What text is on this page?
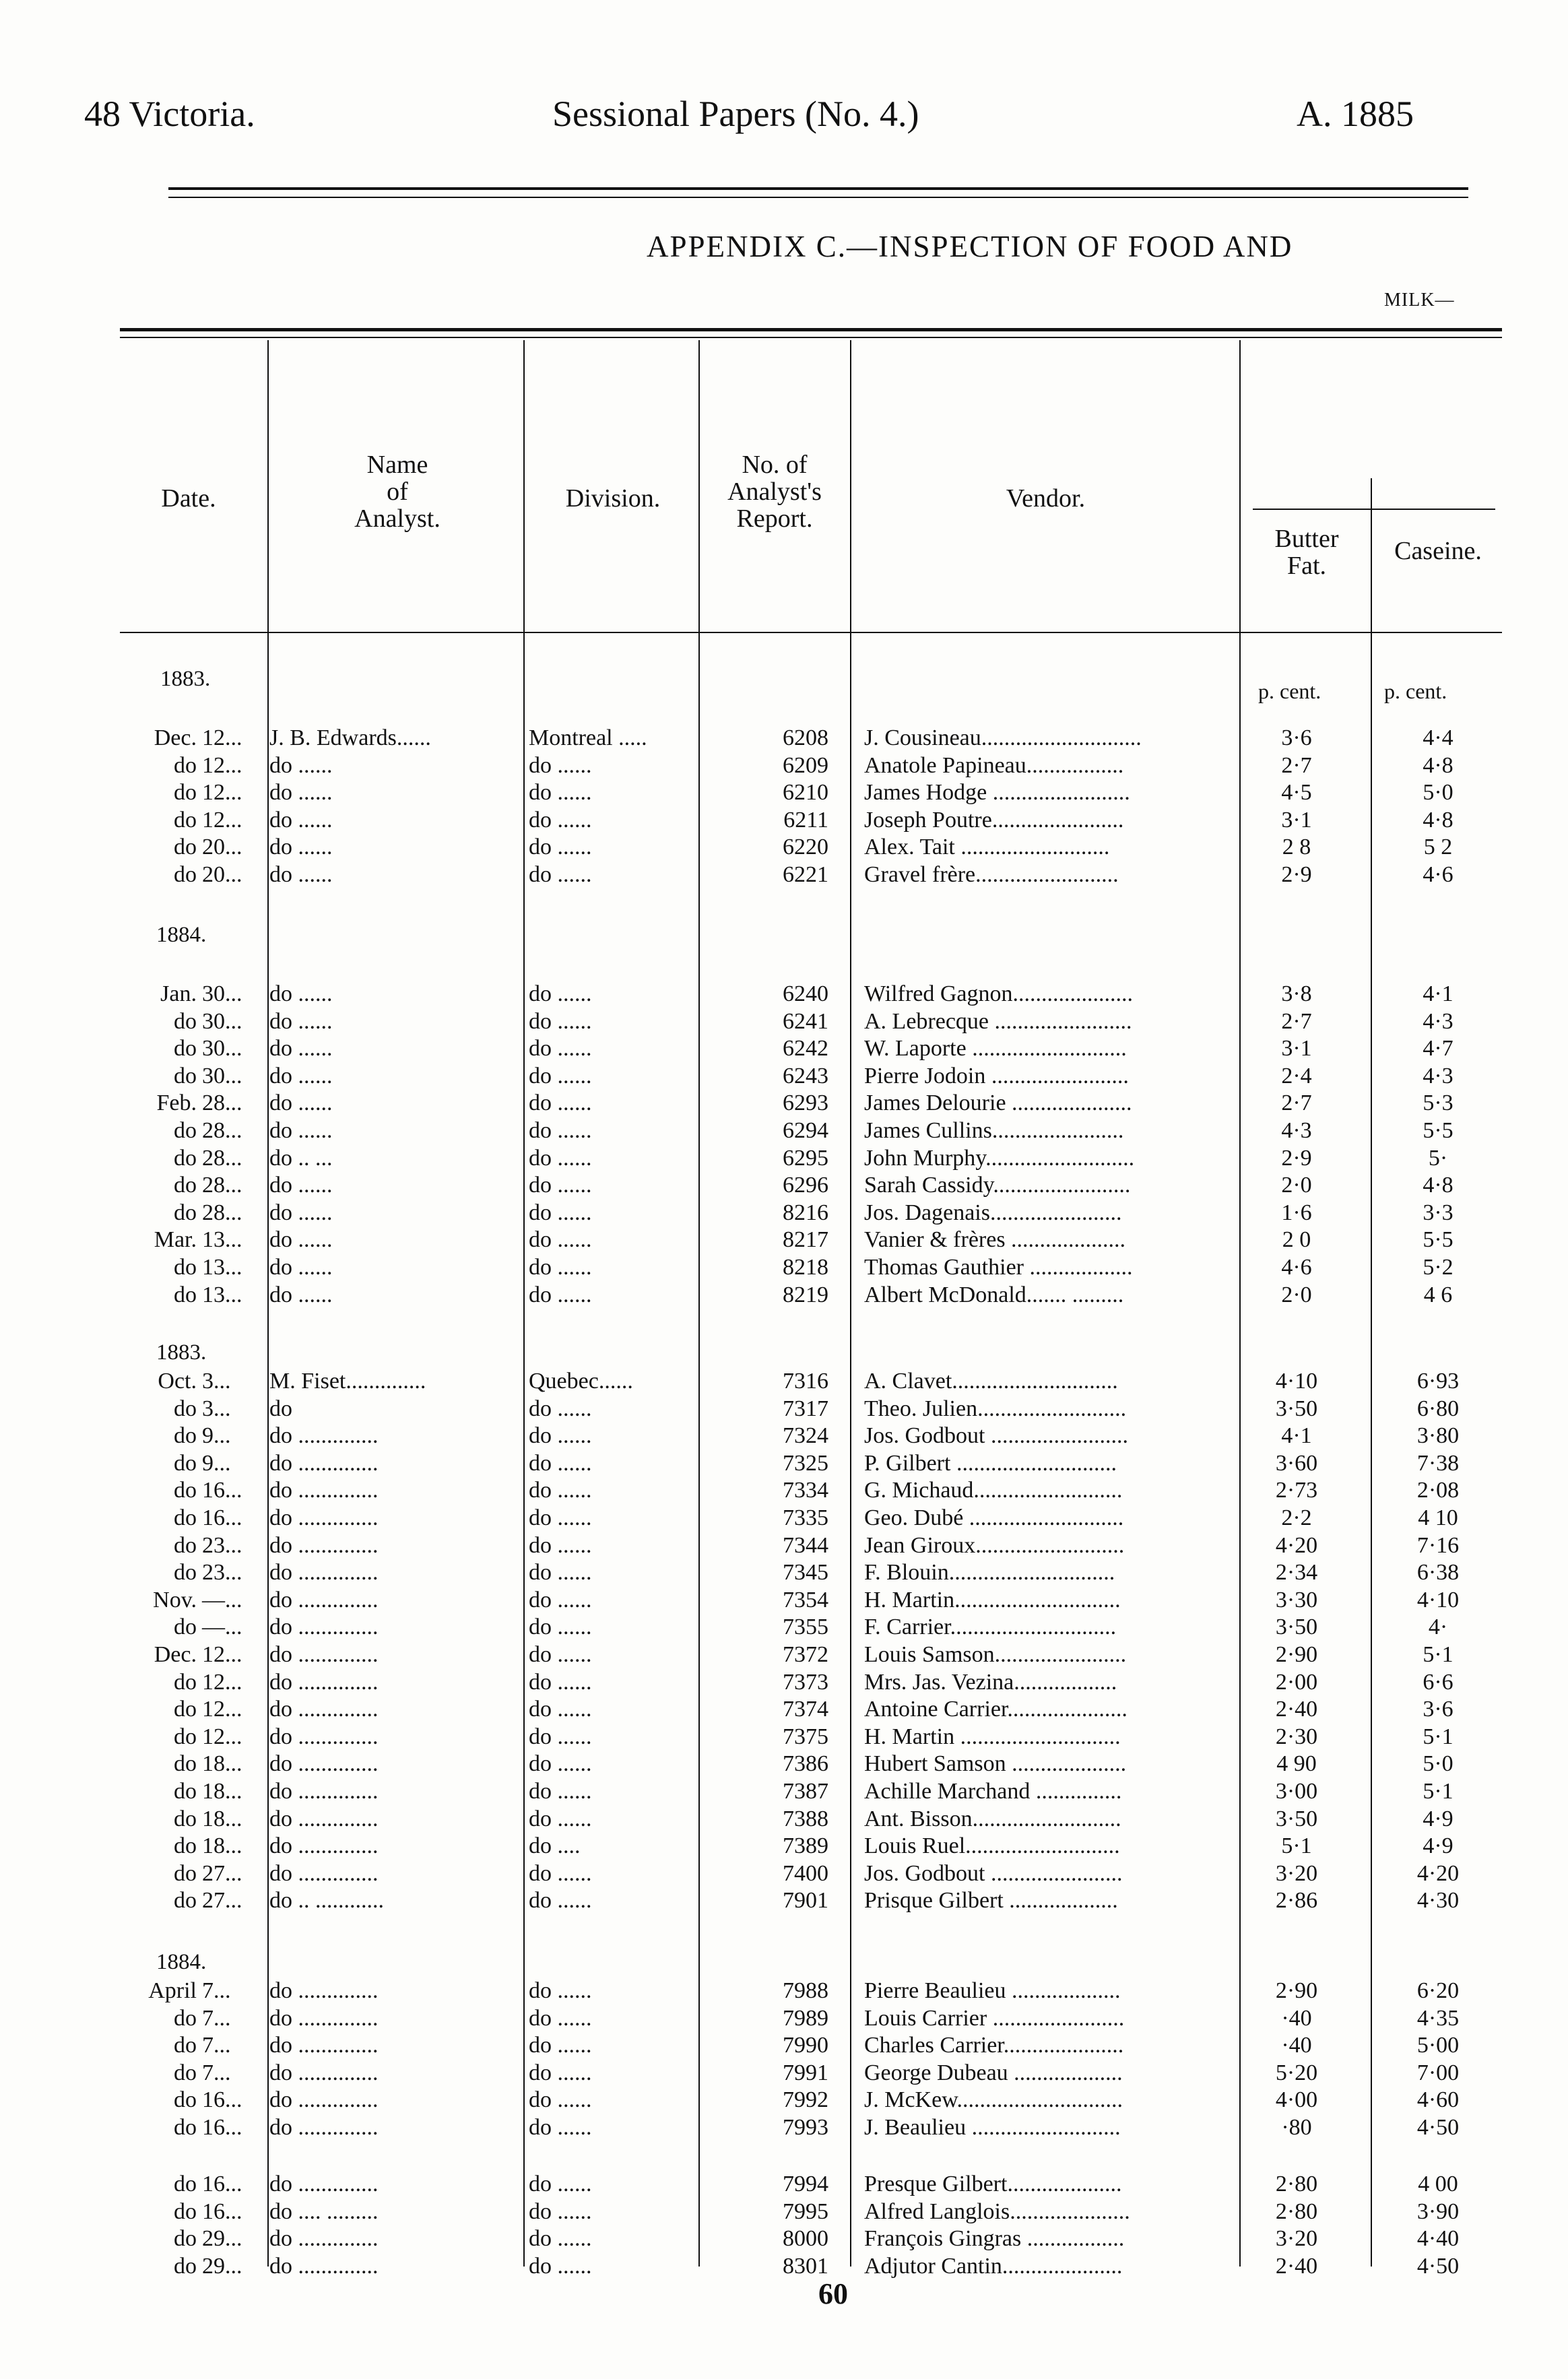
48 Victoria.	Sessional Papers (No. 4.)	A. 1885
APPENDIX C.—INSPECTION OF FOOD AND
MILK—
Date.
Name
of
Analyst.
Division.
No. of
Analyst's
Report.
Vendor.
Butter
Fat.
Caseine.
p. cent.	p. cent.
1883.
1884.
1883.
1884.
Dec. 12...	J. B. Edwards......	Montreal .....	6208 J. Cousineau............................	3·6	4·4
do 12...	do ......	do ......	6209 Anatole Papineau.................	2·7	4·8
do 12...	do ......	do ......	6210 James Hodge ........................	4·5	5·0
do 12...	do ......	do ......	6211 Joseph Poutre.......................	3·1	4·8
do 20...	do ......	do ......	6220 Alex. Tait ..........................	2 8	5 2
do 20...	do ......	do ......	6221 Gravel frère.........................	2·9	4·6
Jan. 30...	do ......	do ......	6240 Wilfred Gagnon.....................	3·8	4·1
do 30...	do ......	do ......	6241 A. Lebrecque ........................	2·7	4·3
do 30...	do ......	do ......	6242 W. Laporte ...........................	3·1	4·7
do 30...	do ......	do ......	6243 Pierre Jodoin ........................	2·4	4·3
Feb. 28...	do ......	do ......	6293 James Delourie .....................	2·7	5·3
do 28...	do ......	do ......	6294 James Cullins.......................	4·3	5·5
do 28...	do .. ...	do ......	6295 John Murphy..........................	2·9	5·
do 28...	do ......	do ......	6296 Sarah Cassidy........................	2·0	4·8
do 28...	do ......	do ......	8216 Jos. Dagenais.......................	1·6	3·3
Mar. 13...	do ......	do ......	8217 Vanier & frères ....................	2 0	5·5
do 13...	do ......	do ......	8218 Thomas Gauthier ..................	4·6	5·2
do 13...	do ......	do ......	8219 Albert McDonald....... .........	2·0	4 6
Oct. 3...	M. Fiset..............	Quebec......	7316 A. Clavet.............................	4·10	6·93
do 3...	do	do ......	7317 Theo. Julien..........................	3·50	6·80
do 9...	do ..............	do ......	7324 Jos. Godbout ........................	4·1	3·80
do 9...	do ..............	do ......	7325 P. Gilbert ............................	3·60	7·38
do 16...	do ..............	do ......	7334 G. Michaud..........................	2·73	2·08
do 16...	do ..............	do ......	7335 Geo. Dubé ...........................	2·2	4 10
do 23...	do ..............	do ......	7344 Jean Giroux..........................	4·20	7·16
do 23...	do ..............	do ......	7345 F. Blouin.............................	2·34	6·38
Nov. —...	do ..............	do ......	7354 H. Martin.............................	3·30	4·10
do —...	do ..............	do ......	7355 F. Carrier.............................	3·50	4·
Dec. 12...	do ..............	do ......	7372 Louis Samson.......................	2·90	5·1
do 12...	do ..............	do ......	7373 Mrs. Jas. Vezina..................	2·00	6·6
do 12...	do ..............	do ......	7374 Antoine Carrier.....................	2·40	3·6
do 12...	do ..............	do ......	7375 H. Martin ............................	2·30	5·1
do 18...	do ..............	do ......	7386 Hubert Samson ....................	4 90	5·0
do 18...	do ..............	do ......	7387 Achille Marchand ...............	3·00	5·1
do 18...	do ..............	do ......	7388 Ant. Bisson..........................	3·50	4·9
do 18...	do ..............	do ....	7389 Louis Ruel...........................	5·1	4·9
do 27...	do ..............	do ......	7400 Jos. Godbout .......................	3·20	4·20
do 27...	do .. ............	do ......	7901 Prisque Gilbert ...................	2·86	4·30
April 7...	do ..............	do ......	7988 Pierre Beaulieu ...................	2·90	6·20
do 7...	do ..............	do ......	7989 Louis Carrier .......................	·40	4·35
do 7...	do ..............	do ......	7990 Charles Carrier.....................	·40	5·00
do 7...	do ..............	do ......	7991 George Dubeau ...................	5·20	7·00
do 16...	do ..............	do ......	7992 J. McKew.............................	4·00	4·60
do 16...	do ..............	do ......	7993 J. Beaulieu ..........................	·80	4·50
do 16...	do ..............	do ......	7994 Presque Gilbert....................	2·80	4 00
do 16...	do .... .........	do ......	7995 Alfred Langlois.....................	2·80	3·90
do 29...	do ..............	do ......	8000 François Gingras .................	3·20	4·40
do 29...	do ..............	do ......	8301 Adjutor Cantin.....................	2·40	4·50
60
